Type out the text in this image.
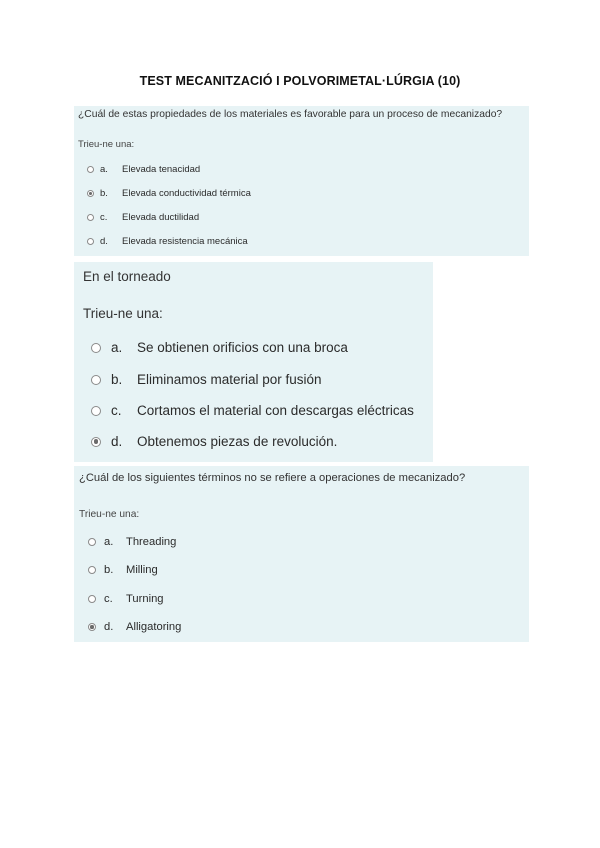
TEST MECANITZACIÓ I POLVORIMETAL·LÚRGIA (10)
¿Cuál de estas propiedades de los materiales es favorable para un proceso de mecanizado?
Trieu-ne una:
a.	Elevada tenacidad
b.	Elevada conductividad térmica
c.	Elevada ductilidad
d.	Elevada resistencia mecánica
En el torneado
Trieu-ne una:
a.	Se obtienen orificios con una broca
b.	Eliminamos material por fusión
c.	Cortamos el material con descargas eléctricas
d.	Obtenemos piezas de revolución.
¿Cuál de los siguientes términos no se refiere a operaciones de mecanizado?
Trieu-ne una:
a.	Threading
b.	Milling
c.	Turning
d.	Alligatoring
